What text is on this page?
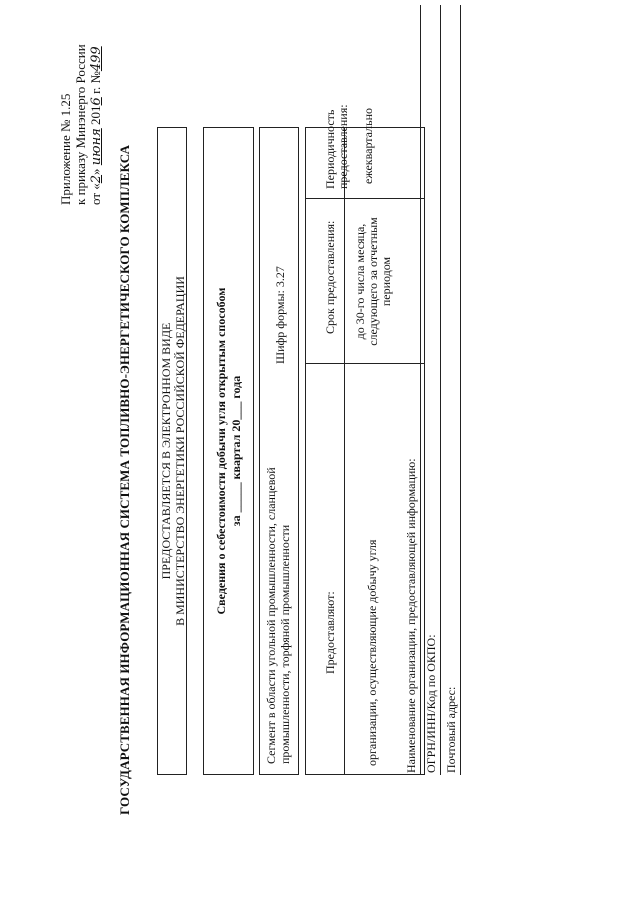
Приложение № 1.25 к приказу Минэнерго России от «2» июня 2016 г. №499
ГОСУДАРСТВЕННАЯ ИНФОРМАЦИОННАЯ СИСТЕМА ТОПЛИВНО-ЭНЕРГЕТИЧЕСКОГО КОМПЛЕКСА ПРЕДОСТАВЛЯЕТСЯ В ЭЛЕКТРОННОМ ВИДЕ В МИНИСТЕРСТВО ЭНЕРГЕТИКИ РОССИЙСКОЙ ФЕДЕРАЦИИ Сведения о себестоимости добычи угля открытым способом за _____ квартал 20___ года
Сегмент в области угольной промышленности, сланцевой промышленности, торфяной промышленности
Шифр формы: 3.27
Предоставляют:
Срок предоставления:
Периодичность предоставления:
организации, осуществляющие добычу угля
до 30-го числа месяца, следующего за отчетным периодом
ежеквартально
Наименование организации, предоставляющей информацию: ОГРН/ИНН/Код по ОКПО: Почтовый адрес:
